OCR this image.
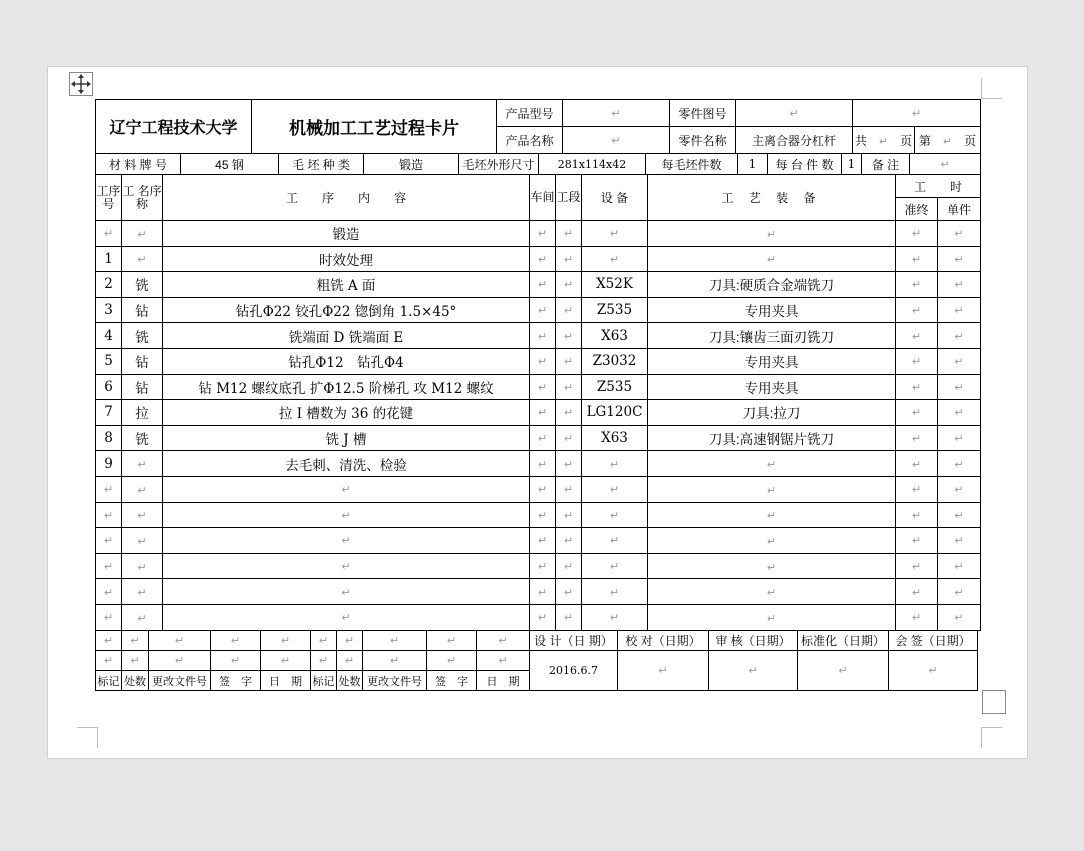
辽宁工程技术大学	机械加工工艺过程卡片	产品型号	↵	零件图号	↵	↵
		产品名称	↵	零件名称	主离合器分杠杆	共　 ↵　 页	第　 ↵　 页
材 料 牌 号	45 钢	毛 坯 种 类	锻造	毛坯外形尺寸	281x114x42	每毛坯件数	1	每 台 件 数	1	备 注	↵
工序号	工 名序 称	工　　序　　内　　容	车间	工段	设 备	工 艺 装 备	工　　时	
							准终	单件
↵	↵	锻造	↵	↵	↵	↵	↵	↵
1	↵	时效处理	↵	↵	↵	↵	↵	↵
2	铣	粗铣 A 面	↵	↵	X52K	刀具:硬质合金端铣刀	↵	↵
3	钻	钻孔Φ22 铰孔Φ22 锪倒角 1.5×45°	↵	↵	Z535	专用夹具	↵	↵
4	铣	铣端面 D 铣端面 E	↵	↵	X63	刀具:镶齿三面刃铣刀	↵	↵
5	钻	钻孔Φ12　钻孔Φ4	↵	↵	Z3032	专用夹具	↵	↵
6	钻	钻 M12 螺纹底孔 扩Φ12.5 阶梯孔 攻 M12 螺纹	↵	↵	Z535	专用夹具	↵	↵
7	拉	拉 I 槽数为 36 的花键	↵	↵	LG120C	刀具:拉刀	↵	↵
8	铣	铣 J 槽	↵	↵	X63	刀具:高速钢锯片铣刀	↵	↵
9	↵	去毛刺、清洗、检验	↵	↵	↵	↵	↵	↵
↵	↵	↵	↵	↵	↵	↵	↵	↵
↵	↵	↵	↵	↵	↵	↵	↵	↵
↵	↵	↵	↵	↵	↵	↵	↵	↵
↵	↵	↵	↵	↵	↵	↵	↵	↵
↵	↵	↵	↵	↵	↵	↵	↵	↵
↵	↵	↵	↵	↵	↵	↵	↵	↵
↵	↵	↵	↵	↵	↵	↵	↵	↵	↵	设 计（日 期）	校 对（日期）	审 核（日期）	标准化（日期）	会 签（日期）
↵	↵	↵	↵	↵	↵	↵	↵	↵	↵	2016.6.7	↵	↵	↵	↵
标记	处数	更改文件号	签　字	日　期	标记	处数	更改文件号	签　字	日　期					
